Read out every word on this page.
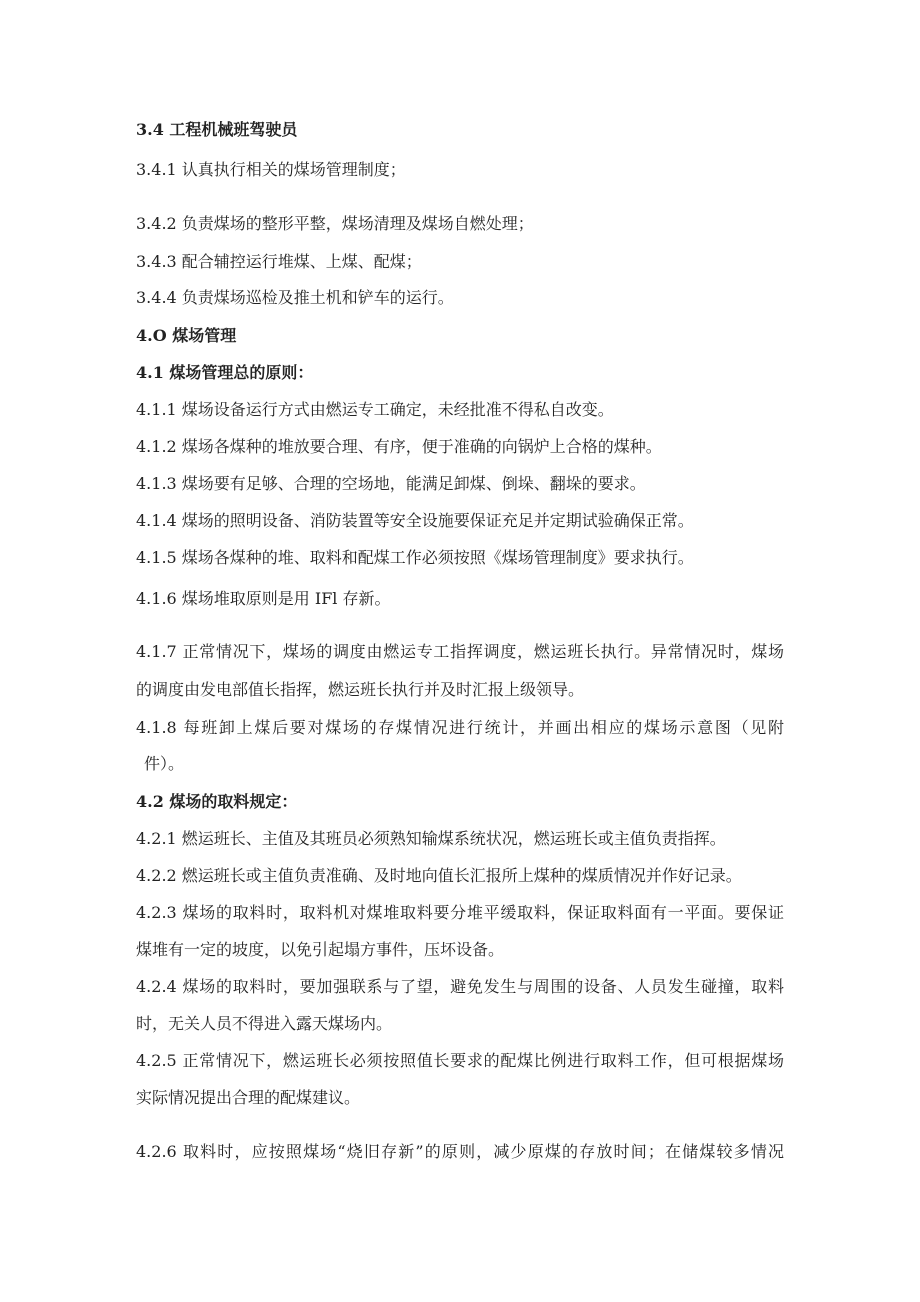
3.4 工程机械班驾驶员
3.4.1 认真执行相关的煤场管理制度；
3.4.2 负责煤场的整形平整，煤场清理及煤场自燃处理；
3.4.3 配合辅控运行堆煤、上煤、配煤；
3.4.4 负责煤场巡检及推土机和铲车的运行。
4.O 煤场管理
4.1 煤场管理总的原则：
4.1.1 煤场设备运行方式由燃运专工确定，未经批准不得私自改变。
4.1.2 煤场各煤种的堆放要合理、有序，便于准确的向锅炉上合格的煤种。
4.1.3 煤场要有足够、合理的空场地，能满足卸煤、倒垛、翻垛的要求。
4.1.4 煤场的照明设备、消防装置等安全设施要保证充足并定期试验确保正常。
4.1.5 煤场各煤种的堆、取料和配煤工作必须按照《煤场管理制度》要求执行。
4.1.6 煤场堆取原则是用 IFl 存新。
4.1.7 正常情况下，煤场的调度由燃运专工指挥调度，燃运班长执行。异常情况时，煤场
的调度由发电部值长指挥，燃运班长执行并及时汇报上级领导。
4.1.8 每班卸上煤后要对煤场的存煤情况进行统计，并画出相应的煤场示意图（见附
件）。
4.2 煤场的取料规定：
4.2.1 燃运班长、主值及其班员必须熟知输煤系统状况，燃运班长或主值负责指挥。
4.2.2 燃运班长或主值负责准确、及时地向值长汇报所上煤种的煤质情况并作好记录。
4.2.3 煤场的取料时，取料机对煤堆取料要分堆平缓取料，保证取料面有一平面。要保证
煤堆有一定的坡度，以免引起塌方事件，压坏设备。
4.2.4 煤场的取料时，要加强联系与了望，避免发生与周围的设备、人员发生碰撞，取料
时，无关人员不得进入露天煤场内。
4.2.5 正常情况下，燃运班长必须按照值长要求的配煤比例进行取料工作，但可根据煤场
实际情况提出合理的配煤建议。
4.2.6 取料时，应按照煤场“烧旧存新”的原则，减少原煤的存放时间；在储煤较多情况
